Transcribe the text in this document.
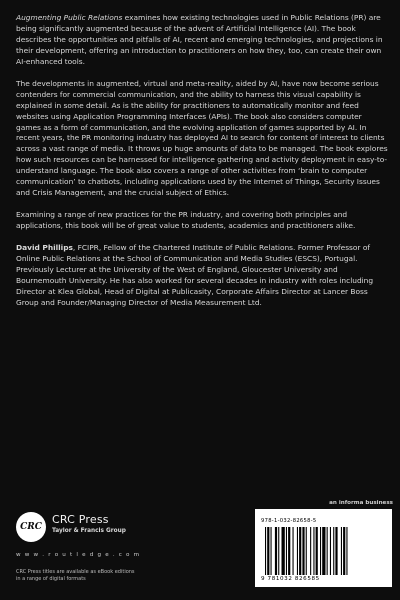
Augmenting Public Relations examines how existing technologies used in Public Relations (PR) are being significantly augmented because of the advent of Artificial Intelligence (AI). The book describes the opportunities and pitfalls of AI, recent and emerging technologies, and projections in their development, offering an introduction to practitioners on how they, too, can create their own AI-enhanced tools.

The developments in augmented, virtual and meta-reality, aided by AI, have now become serious contenders for commercial communication, and the ability to harness this visual capability is explained in some detail. As is the ability for practitioners to automatically monitor and feed websites using Application Programming Interfaces (APIs). The book also considers computer games as a form of communication, and the evolving application of games supported by AI. In recent years, the PR monitoring industry has deployed AI to search for content of interest to clients across a vast range of media. It throws up huge amounts of data to be managed. The book explores how such resources can be harnessed for intelligence gathering and activity deployment in easy-to-understand language. The book also covers a range of other activities from ‘brain to computer communication’ to chatbots, including applications used by the Internet of Things, Security Issues and Crisis Management, and the crucial subject of Ethics.

Examining a range of new practices for the PR industry, and covering both principles and applications, this book will be of great value to students, academics and practitioners alike.

David Phillips, FCIPR, Fellow of the Chartered Institute of Public Relations. Former Professor of Online Public Relations at the School of Communication and Media Studies (ESCS), Portugal. Previously Lecturer at the University of the West of England, Gloucester University and Bournemouth University. He has also worked for several decades in industry with roles including Director at Klea Global, Head of Digital at Publicasity, Corporate Affairs Director at Lancer Boss Group and Founder/Managing Director of Media Measurement Ltd.

CRC
CRC Press
Taylor & Francis Group
w w w . r o u t l e d g e . c o m
CRC Press titles are available as eBook editions
in a range of digital formats
an informa business
978-1-032-82658-5
9 781032 826585
